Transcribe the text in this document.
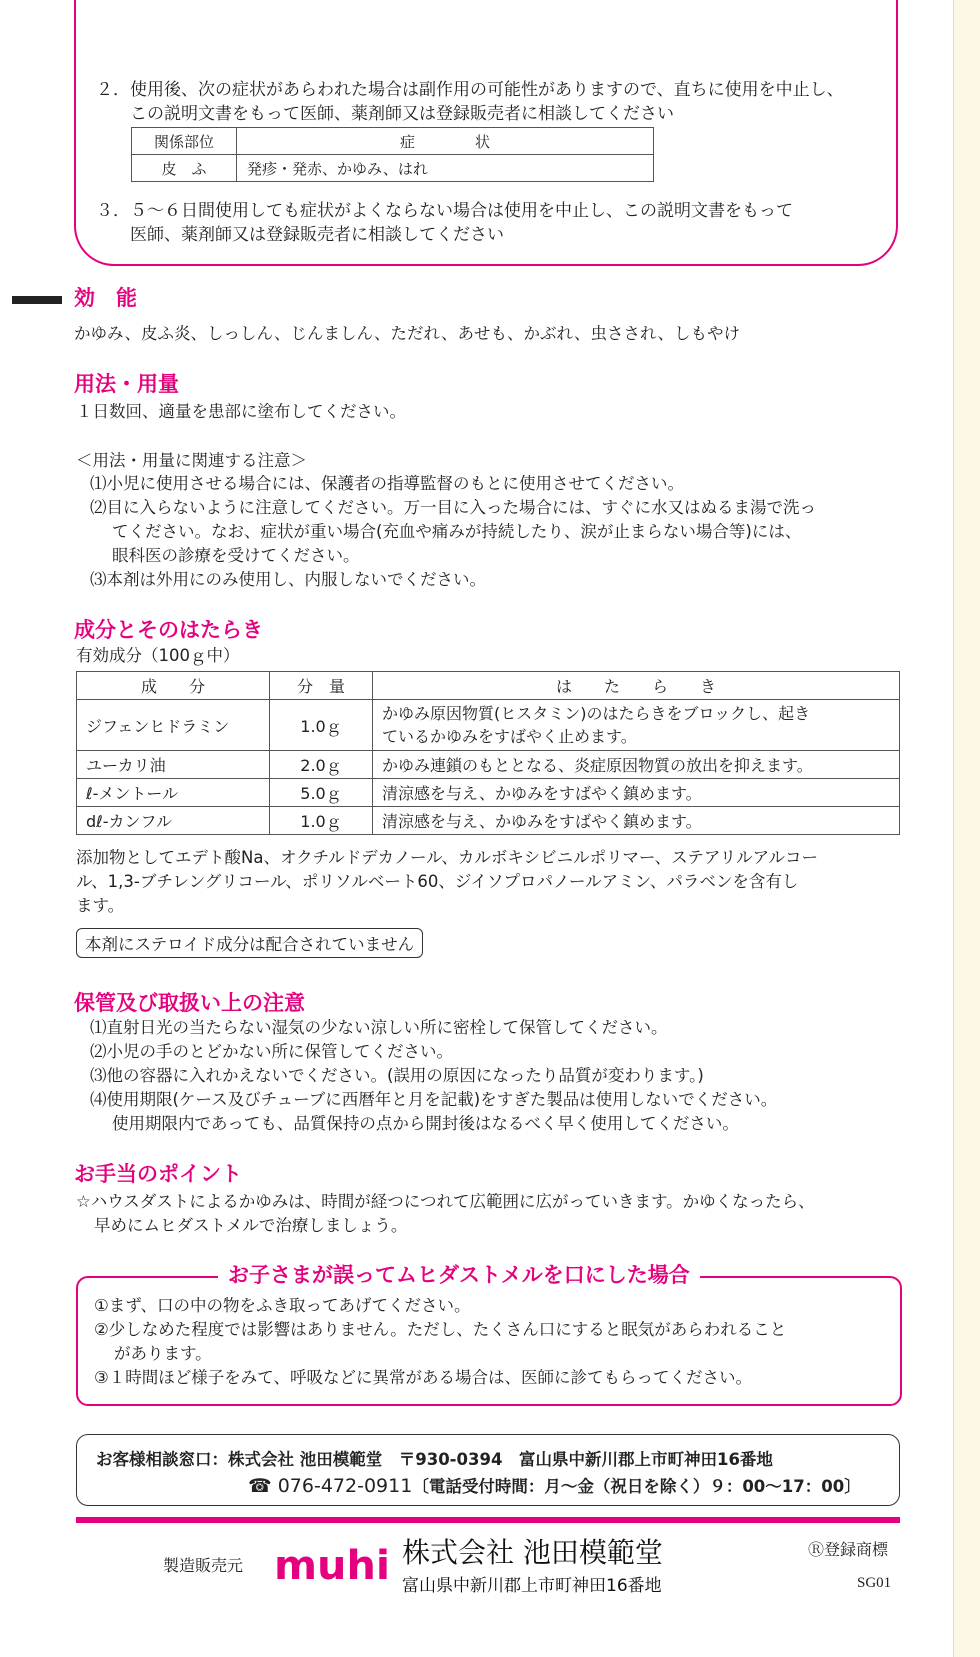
２．使用後、次の症状があらわれた場合は副作用の可能性がありますので、直ちに使用を中止し、
この説明文書をもって医師、薬剤師又は登録販売者に相談してください
関係部位	症　　　　状
皮　ふ	発疹・発赤、かゆみ、はれ
３．５〜６日間使用しても症状がよくならない場合は使用を中止し、この説明文書をもって
医師、薬剤師又は登録販売者に相談してください
効　能
かゆみ、皮ふ炎、しっしん、じんましん、ただれ、あせも、かぶれ、虫さされ、しもやけ
用法・用量
１日数回、適量を患部に塗布してください。
＜用法・用量に関連する注意＞
⑴小児に使用させる場合には、保護者の指導監督のもとに使用させてください。
⑵目に入らないように注意してください。万一目に入った場合には、すぐに水又はぬるま湯で洗っ
てください。なお、症状が重い場合(充血や痛みが持続したり、涙が止まらない場合等)には、
眼科医の診療を受けてください。
⑶本剤は外用にのみ使用し、内服しないでください。
成分とそのはたらき
有効成分（100ｇ中）
成　　分	分　量	は　　た　　ら　　き
ジフェンヒドラミン	1.0ｇ	かゆみ原因物質(ヒスタミン)のはたらきをブロックし、起き
ているかゆみをすばやく止めます。

ユーカリ油	2.0ｇ	かゆみ連鎖のもととなる、炎症原因物質の放出を抑えます。
ℓ-メントール	5.0ｇ	清涼感を与え、かゆみをすばやく鎮めます。
dℓ-カンフル	1.0ｇ	清涼感を与え、かゆみをすばやく鎮めます。
添加物としてエデト酸Na、オクチルドデカノール、カルボキシビニルポリマー、ステアリルアルコー
ル、1,3-ブチレングリコール、ポリソルベート60、ジイソプロパノールアミン、パラベンを含有し
ます。
本剤にステロイド成分は配合されていません
保管及び取扱い上の注意
⑴直射日光の当たらない湿気の少ない涼しい所に密栓して保管してください。
⑵小児の手のとどかない所に保管してください。
⑶他の容器に入れかえないでください。(誤用の原因になったり品質が変わります。)
⑷使用期限(ケース及びチューブに西暦年と月を記載)をすぎた製品は使用しないでください。
使用期限内であっても、品質保持の点から開封後はなるべく早く使用してください。
お手当のポイント
☆ハウスダストによるかゆみは、時間が経つにつれて広範囲に広がっていきます。かゆくなったら、
早めにムヒダストメルで治療しましょう。
お子さまが誤ってムヒダストメルを口にした場合
①まず、口の中の物をふき取ってあげてください。
②少しなめた程度では影響はありません。ただし、たくさん口にすると眠気があらわれること
があります。
③１時間ほど様子をみて、呼吸などに異常がある場合は、医師に診てもらってください。
お客様相談窓口：株式会社 池田模範堂　〒930-0394　富山県中新川郡上市町神田16番地
☎ 076-472-0911〔電話受付時間：月〜金（祝日を除く）９：00〜17：00〕
製造販売元 muhi 株式会社 池田模範堂
富山県中新川郡上市町神田16番地
Ⓡ登録商標
SG01
